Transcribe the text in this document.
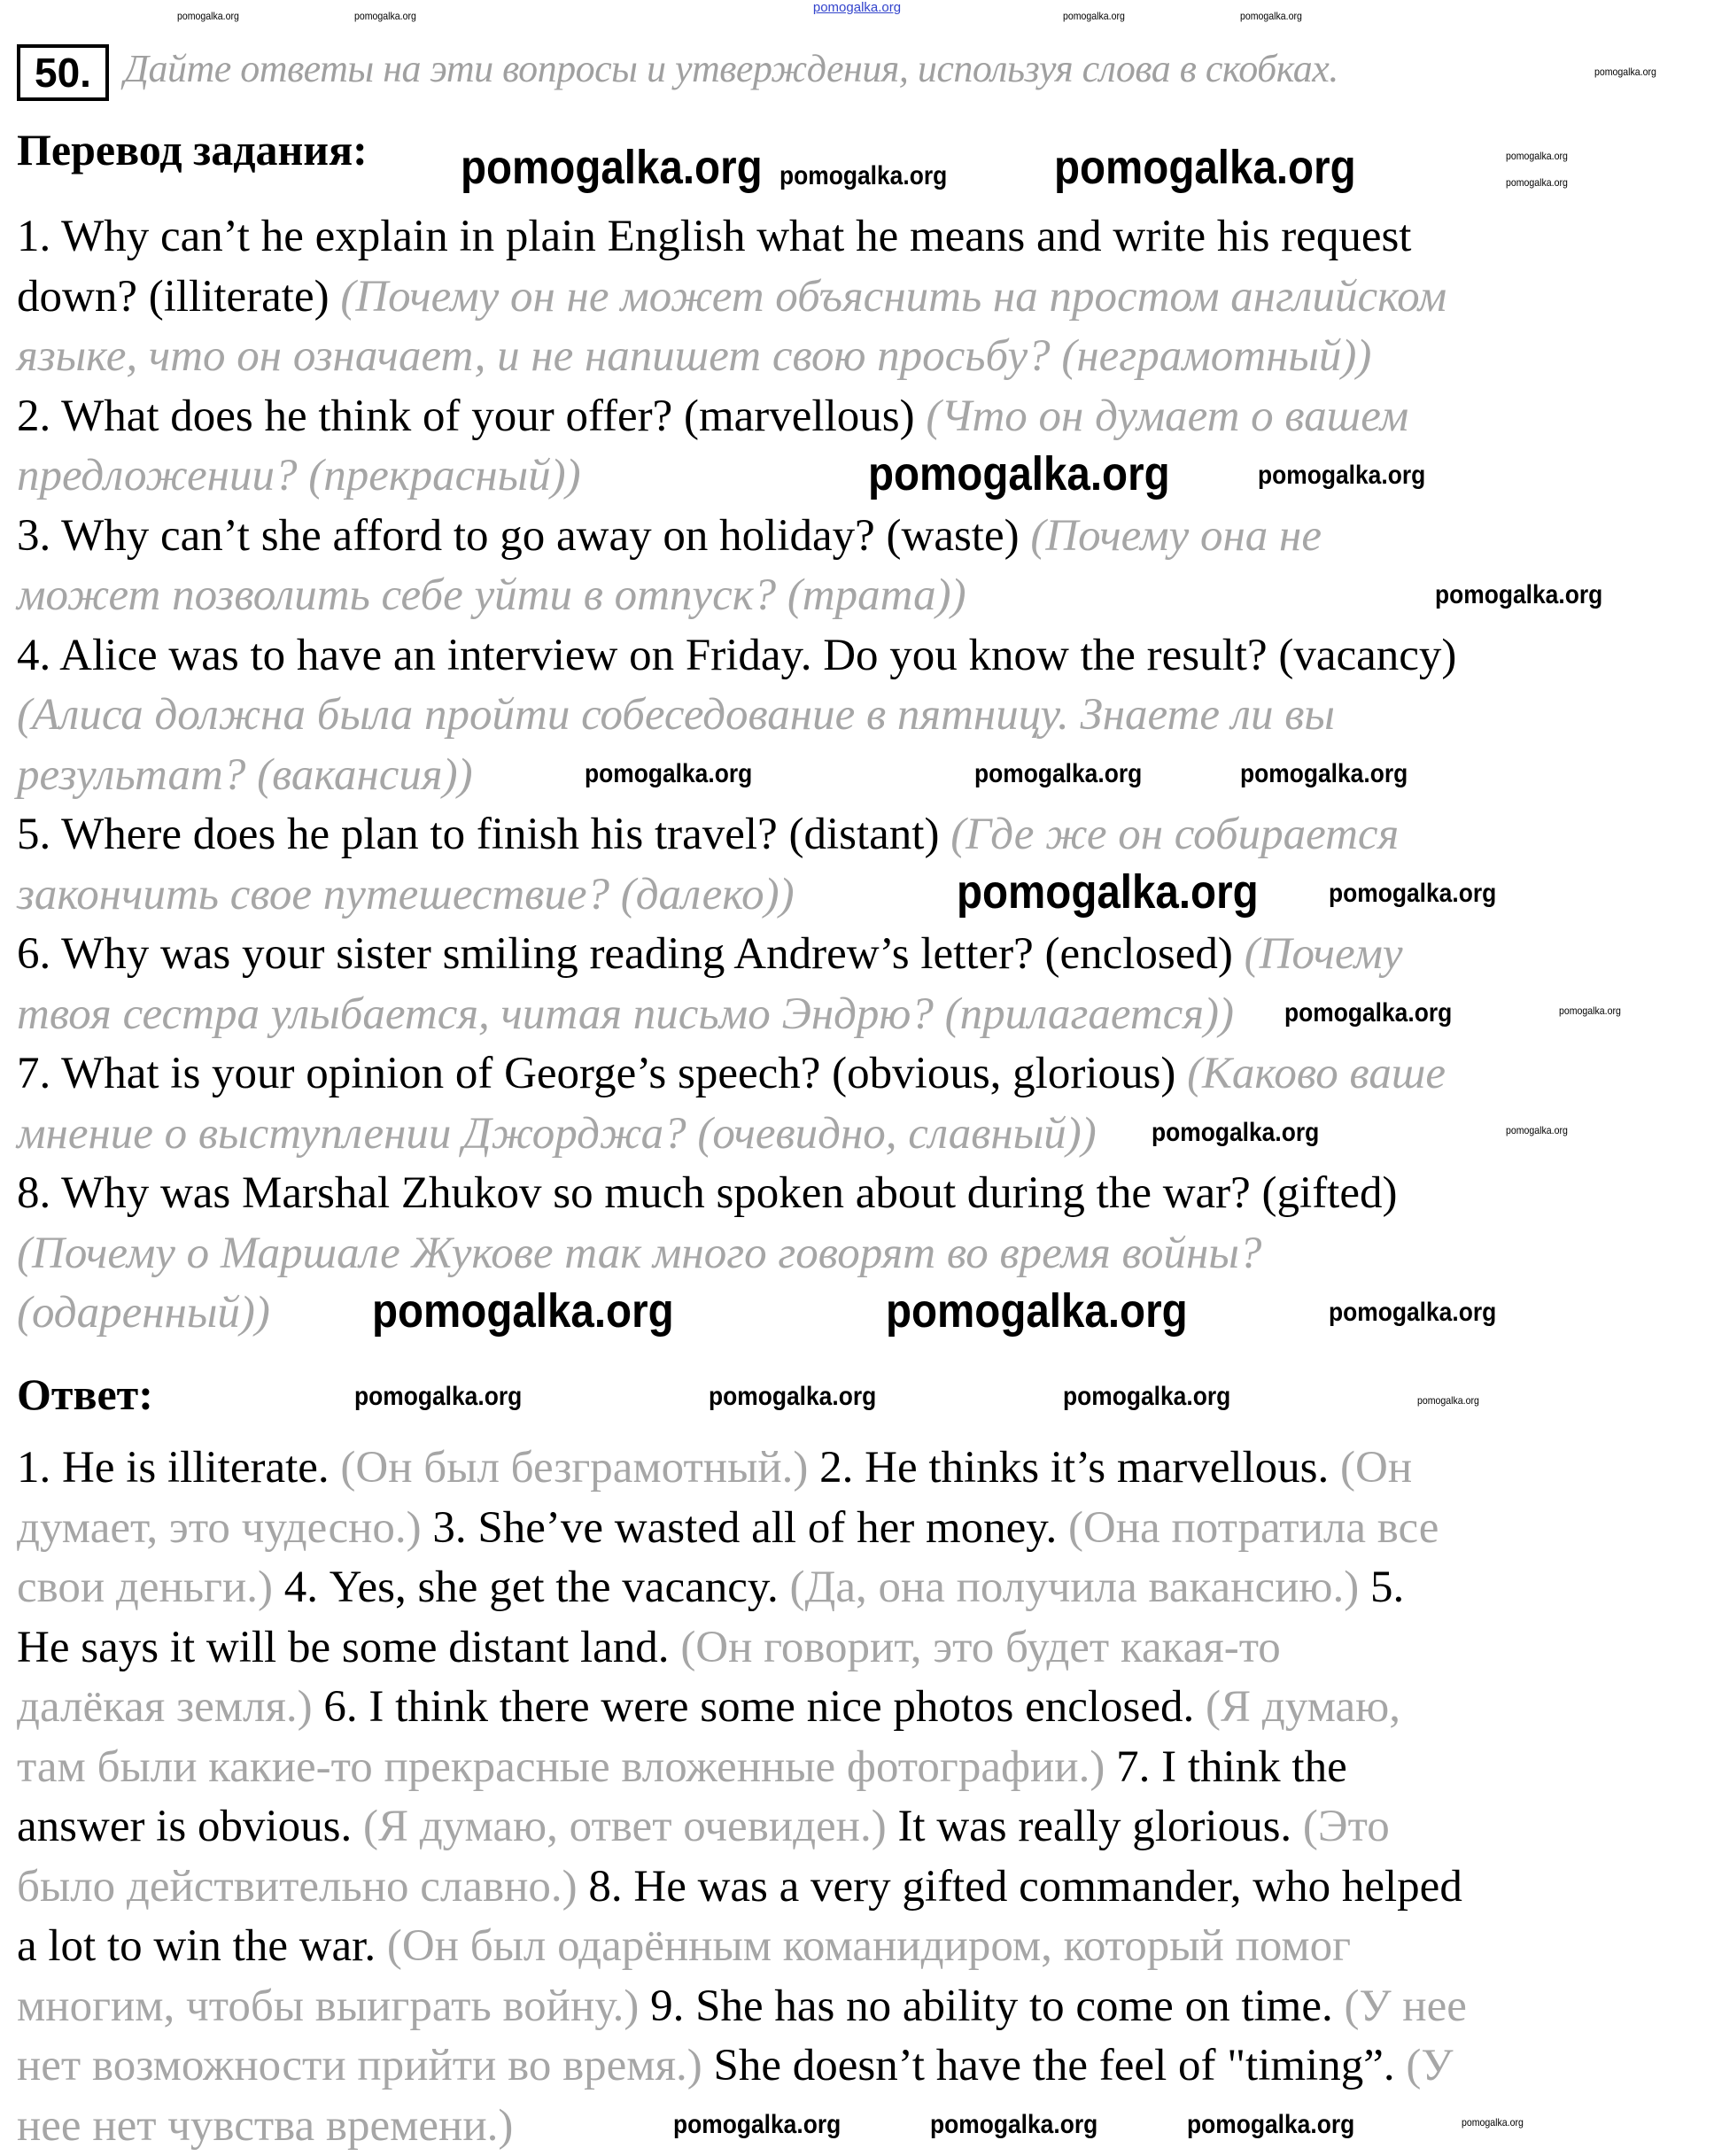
pomogalka.org
50. Дайте ответы на эти вопросы и утверждения, используя слова в скобках.
Перевод задания:
1. Why can’t he explain in plain English what he means and write his request
down? (illiterate) (Почему он не может объяснить на простом английском
языке, что он означает, и не напишет свою просьбу? (неграмотный))
2. What does he think of your offer? (marvellous) (Что он думает о вашем
предложении? (прекрасный))
3. Why can’t she afford to go away on holiday? (waste) (Почему она не
может позволить себе уйти в отпуск? (трата))
4. Alice was to have an interview on Friday. Do you know the result? (vacancy)
(Алиса должна была пройти собеседование в пятницу. Знаете ли вы
результат? (вакансия))
5. Where does he plan to finish his travel? (distant) (Где же он собирается
закончить свое путешествие? (далеко))
6. Why was your sister smiling reading Andrew’s letter? (enclosed) (Почему
твоя сестра улыбается, читая письмо Эндрю? (прилагается))
7. What is your opinion of George’s speech? (obvious, glorious) (Каково ваше
мнение о выступлении Джорджа? (очевидно, славный))
8. Why was Marshal Zhukov so much spoken about during the war? (gifted)
(Почему о Маршале Жукове так много говорят во время войны?
(одаренный))
Ответ:
1. He is illiterate. (Он был безграмотный.) 2. He thinks it’s marvellous. (Он
думает, это чудесно.) 3. She’ve wasted all of her money. (Она потратила все
свои деньги.) 4. Yes, she get the vacancy. (Да, она получила вакансию.) 5.
He says it will be some distant land. (Он говорит, это будет какая-то
далёкая земля.) 6. I think there were some nice photos enclosed. (Я думаю,
там были какие-то прекрасные вложенные фотографии.) 7. I think the
answer is obvious. (Я думаю, ответ очевиден.) It was really glorious. (Это
было действительно славно.) 8. He was a very gifted commander, who helped
a lot to win the war. (Он был одарённым команидиром, который помог
многим, чтобы выиграть войну.) 9. She has no ability to come on time. (У нее
нет возможности прийти во время.) She doesn’t have the feel of "timing”. (У
нее нет чувства времени.)
pomogalka.org	pomogalka.org
pomogalka.org
pomogalka.org
pomogalka.org	pomogalka.org
pomogalka.org
pomogalka.org
pomogalka.org
pomogalka.org	pomogalka.org	pomogalka.org
pomogalka.org
pomogalka.org
pomogalka.org
pomogalka.org
pomogalka.org	pomogalka.org	pomogalka.org
pomogalka.org	pomogalka.org	pomogalka.org
pomogalka.org
pomogalka.org
pomogalka.org	pomogalka.org	pomogalka.org	pomogalka.org
pomogalka.org
pomogalka.org
pomogalka.org
pomogalka.org
pomogalka.org
